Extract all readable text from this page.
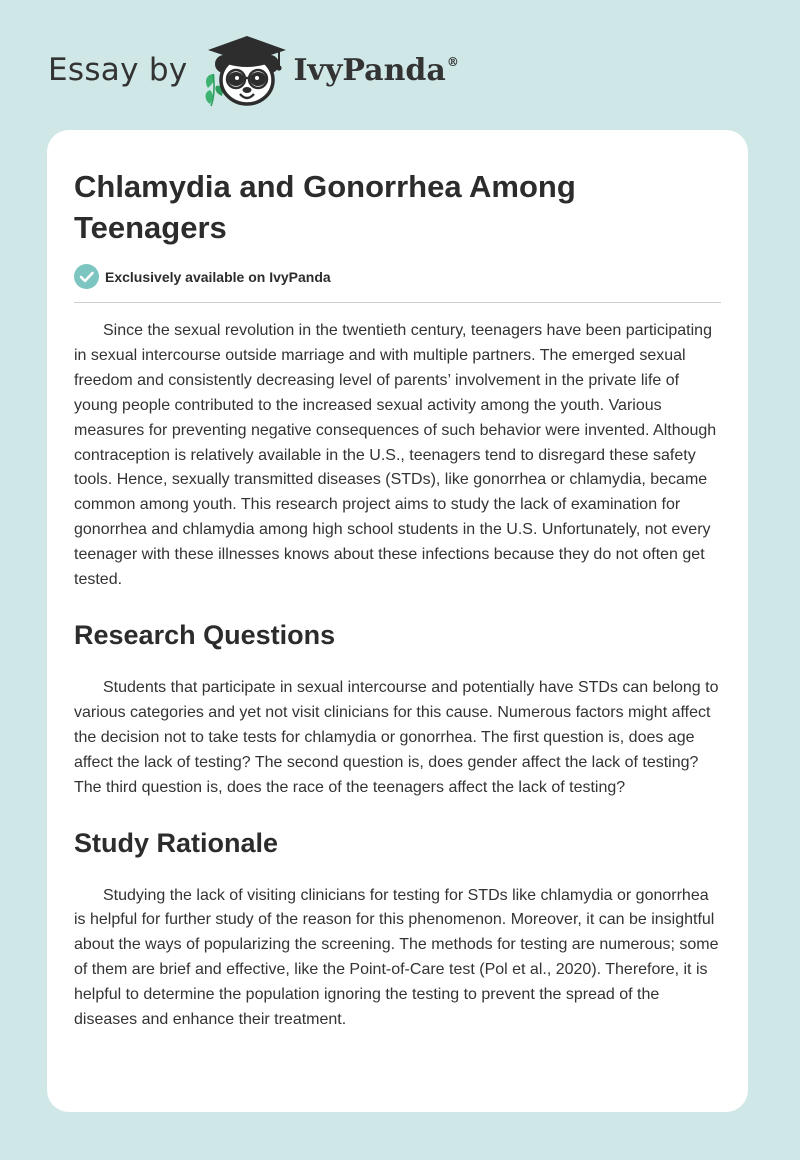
Essay by	IvyPanda®
Chlamydia and Gonorrhea Among Teenagers
Exclusively available on IvyPanda

Since the sexual revolution in the twentieth century, teenagers have been participating in sexual intercourse outside marriage and with multiple partners. The emerged sexual freedom and consistently decreasing level of parents’ involvement in the private life of young people contributed to the increased sexual activity among the youth. Various measures for preventing negative consequences of such behavior were invented. Although contraception is relatively available in the U.S., teenagers tend to disregard these safety tools. Hence, sexually transmitted diseases (STDs), like gonorrhea or chlamydia, became common among youth. This research project aims to study the lack of examination for gonorrhea and chlamydia among high school students in the U.S. Unfortunately, not every teenager with these illnesses knows about these infections because they do not often get tested.

Research Questions

Students that participate in sexual intercourse and potentially have STDs can belong to various categories and yet not visit clinicians for this cause. Numerous factors might affect the decision not to take tests for chlamydia or gonorrhea. The first question is, does age affect the lack of testing? The second question is, does gender affect the lack of testing? The third question is, does the race of the teenagers affect the lack of testing?

Study Rationale

Studying the lack of visiting clinicians for testing for STDs like chlamydia or gonorrhea is helpful for further study of the reason for this phenomenon. Moreover, it can be insightful about the ways of popularizing the screening. The methods for testing are numerous; some of them are brief and effective, like the Point-of-Care test (Pol et al., 2020). Therefore, it is helpful to determine the population ignoring the testing to prevent the spread of the diseases and enhance their treatment.
